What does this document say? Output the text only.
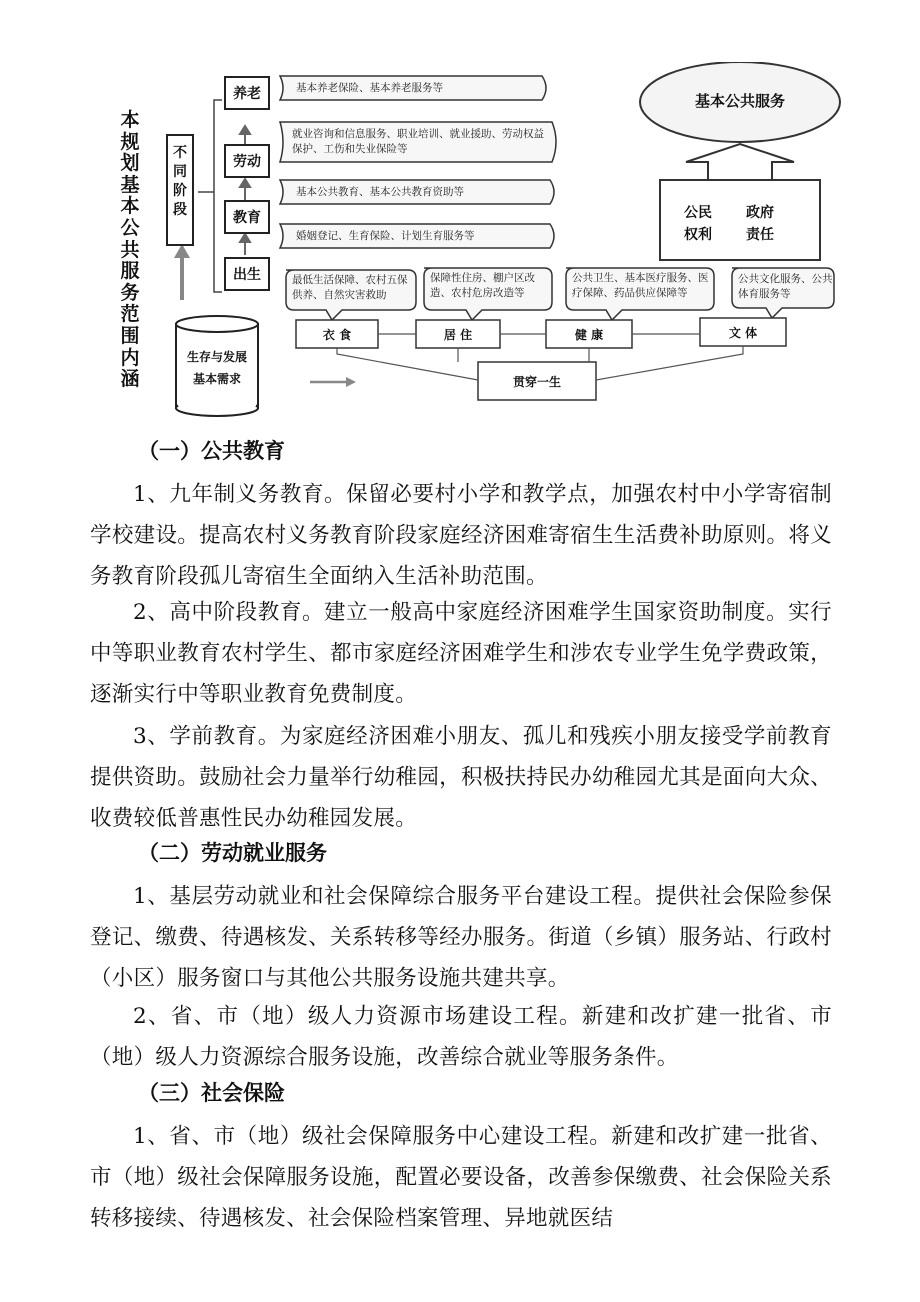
本规划基本公共服务范围内涵
不同阶段
养老
劳动
教育
出生
基本养老保险、基本养老服务等
就业咨询和信息服务、职业培训、就业援助、劳动权益保护、工伤和失业保险等
基本公共教育、基本公共教育资助等
婚姻登记、生育保险、计划生育服务等
最低生活保障、农村五保供养、自然灾害救助
保障性住房、棚户区改造、农村危房改造等
公共卫生、基本医疗服务、医疗保障、药品供应保障等
公共文化服务、公共体育服务等
衣 食	居 住	健 康	文 体
贯穿一生
生存与发展基本需求
基本公共服务
公民权利
政府责任
（一）公共教育
1、九年制义务教育。保留必要村小学和教学点，加强农村中小学寄宿制学校建设。提高农村义务教育阶段家庭经济困难寄宿生生活费补助原则。将义务教育阶段孤儿寄宿生全面纳入生活补助范围。
2、高中阶段教育。建立一般高中家庭经济困难学生国家资助制度。实行中等职业教育农村学生、都市家庭经济困难学生和涉农专业学生免学费政策，逐渐实行中等职业教育免费制度。
3、学前教育。为家庭经济困难小朋友、孤儿和残疾小朋友接受学前教育提供资助。鼓励社会力量举行幼稚园，积极扶持民办幼稚园尤其是面向大众、收费较低普惠性民办幼稚园发展。
（二）劳动就业服务
1、基层劳动就业和社会保障综合服务平台建设工程。提供社会保险参保登记、缴费、待遇核发、关系转移等经办服务。街道（乡镇）服务站、行政村（小区）服务窗口与其他公共服务设施共建共享。
2、省、市（地）级人力资源市场建设工程。新建和改扩建一批省、市（地）级人力资源综合服务设施，改善综合就业等服务条件。
（三）社会保险
1、省、市（地）级社会保障服务中心建设工程。新建和改扩建一批省、市（地）级社会保障服务设施，配置必要设备，改善参保缴费、社会保险关系转移接续、待遇核发、社会保险档案管理、异地就医结
